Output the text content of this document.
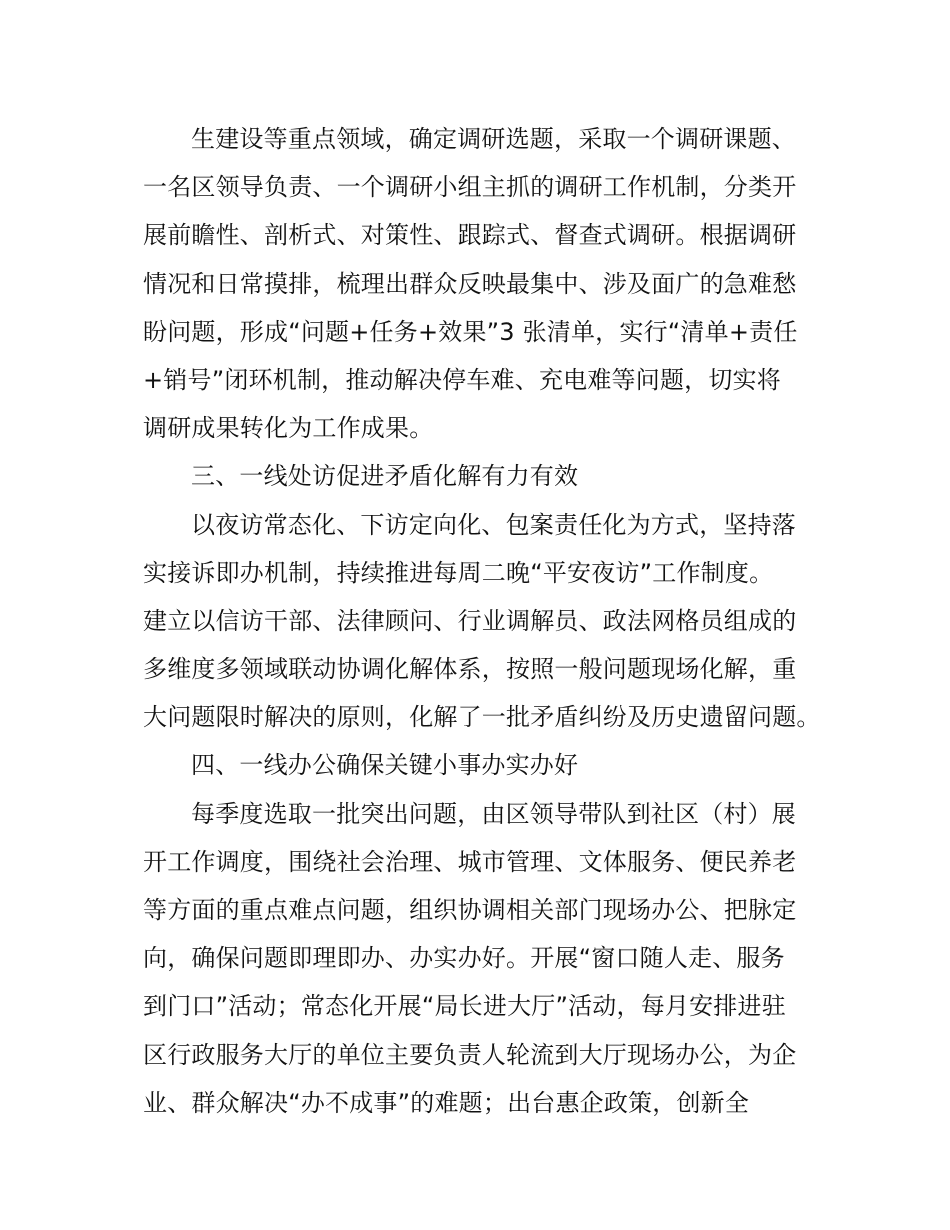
生建设等重点领域，确定调研选题，采取一个调研课题、
一名区领导负责、一个调研小组主抓的调研工作机制，分类开
展前瞻性、剖析式、对策性、跟踪式、督查式调研。根据调研
情况和日常摸排，梳理出群众反映最集中、涉及面广的急难愁
盼问题，形成“问题+任务+效果”3 张清单，实行“清单+责任
+销号”闭环机制，推动解决停车难、充电难等问题，切实将
调研成果转化为工作成果。
三、一线处访促进矛盾化解有力有效
以夜访常态化、下访定向化、包案责任化为方式，坚持落
实接诉即办机制，持续推进每周二晚“平安夜访”工作制度。
建立以信访干部、法律顾问、行业调解员、政法网格员组成的
多维度多领域联动协调化解体系，按照一般问题现场化解，重
大问题限时解决的原则，化解了一批矛盾纠纷及历史遗留问题。
四、一线办公确保关键小事办实办好
每季度选取一批突出问题，由区领导带队到社区（村）展
开工作调度，围绕社会治理、城市管理、文体服务、便民养老
等方面的重点难点问题，组织协调相关部门现场办公、把脉定
向，确保问题即理即办、办实办好。开展“窗口随人走、服务
到门口”活动；常态化开展“局长进大厅”活动，每月安排进驻
区行政服务大厅的单位主要负责人轮流到大厅现场办公，为企
业、群众解决“办不成事”的难题；出台惠企政策，创新全
